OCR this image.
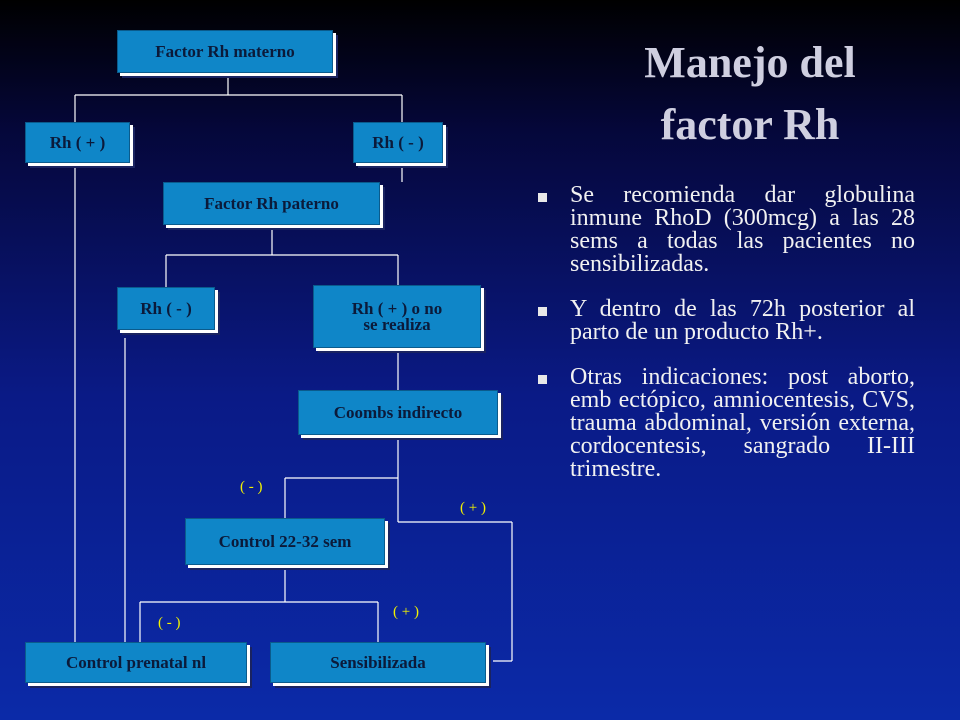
Factor Rh materno
Rh ( + )	Rh ( - )
Factor Rh paterno
Rh ( - )	Rh ( + ) o no
se realiza
Coombs indirecto
Control 22-32 sem
Control prenatal nl	Sensibilizada
( - )
( + )
( - )
( + )
Manejo del
factor Rh
Se recomienda dar globulina inmune RhoD (300mcg) a las 28 sems a todas las pacientes no sensibilizadas.
Y dentro de las 72h posterior al parto de un producto Rh+.
Otras indicaciones: post aborto, emb ectópico, amniocentesis, CVS, trauma abdominal, versión externa, cordocentesis, sangrado II-III trimestre.
